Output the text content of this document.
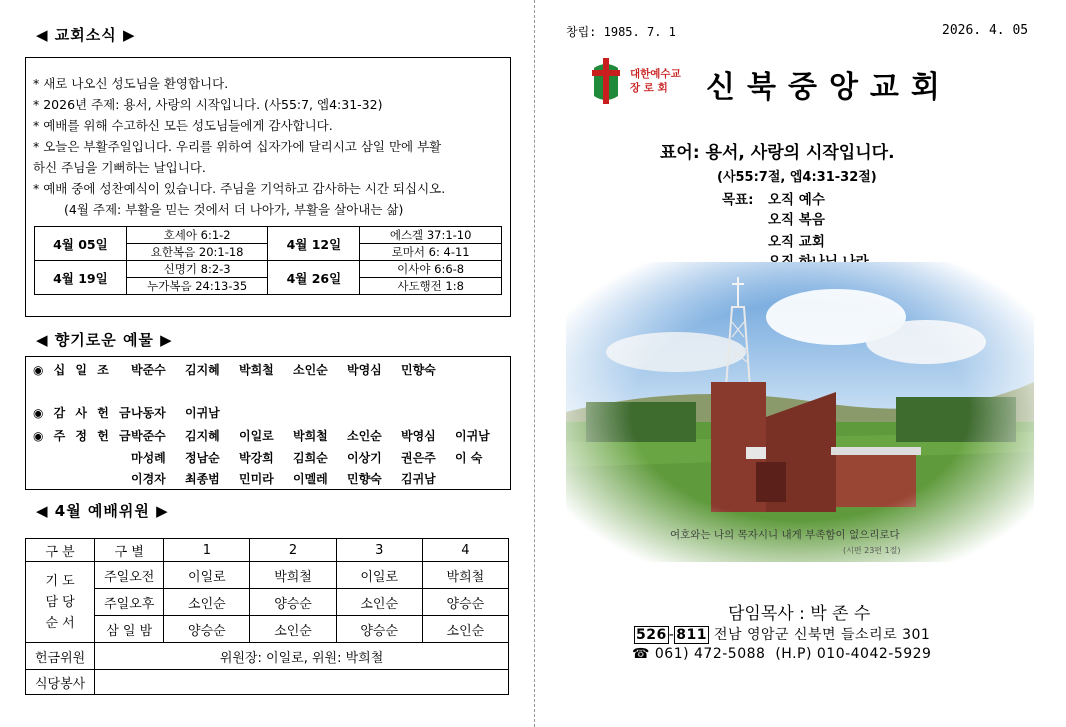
◀ 교회소식 ▶
* 새로 나오신 성도님을 환영합니다.
* 2026년 주제: 용서, 사랑의 시작입니다. (사55:7, 엡4:31-32)
* 예배를 위해 수고하신 모든 성도님들에게 감사합니다.
* 오늘은 부활주일입니다. 우리를 위하여 십자가에 달리시고 삼일 만에 부활
하신 주님을 기뻐하는 날입니다.
* 예배 중에 성찬예식이 있습니다. 주님을 기억하고 감사하는 시간 되십시오.
(4월 주제: 부활을 믿는 것에서 더 나아가, 부활을 살아내는 삶)
4월 05일	호세아 6:1-2	4월 12일	에스겔 37:1-10
	요한복음 20:1-18		로마서 6: 4-11
4월 19일	신명기 8:2-3	4월 26일	이사야 6:6-8
	누가복음 24:13-35		사도행전 1:8
◀ 향기로운 예물 ▶
◉ 십 일 조 박준수 김지혜 박희철 소인순 박영심 민향숙
◉ 감 사 헌 금나동자 이귀남
◉ 주 정 헌 금박준수 김지혜 이일로 박희철 소인순 박영심 이귀남
마성례 정남순 박강희 김희순 이상기 권은주 이 숙
이경자 최종범 민미라 이멜레 민향숙 김귀남
◀ 4월 예배위원 ▶
구 분	구 별	1	2	3	4

기 도
담 당
순 서	주일오전	이일로	박희철	이일로	박희철
	주일오후	소인순	양승순	소인순	양승순
	삼 일 밤	양승순	소인순	양승순	소인순
헌금위원	위원장: 이일로, 위원: 박희철				
식당봉사					
창립: 1985. 7. 1	2026. 4. 05
대한예수교
장 로 회 신북중앙교회
표어: 용서, 사랑의 시작입니다.
(사55:7절, 엡4:31-32절)
목표: 오직 예수
오직 복음
오직 교회
여호와는 나의 목자시니 내게 부족함이 없으리로다
(시편 23편 1절)
담임목사 : 박 존 수
526 - 811 전남 영암군 신북면 들소리로 301
☎ 061) 472-5088  (H.P) 010-4042-5929
